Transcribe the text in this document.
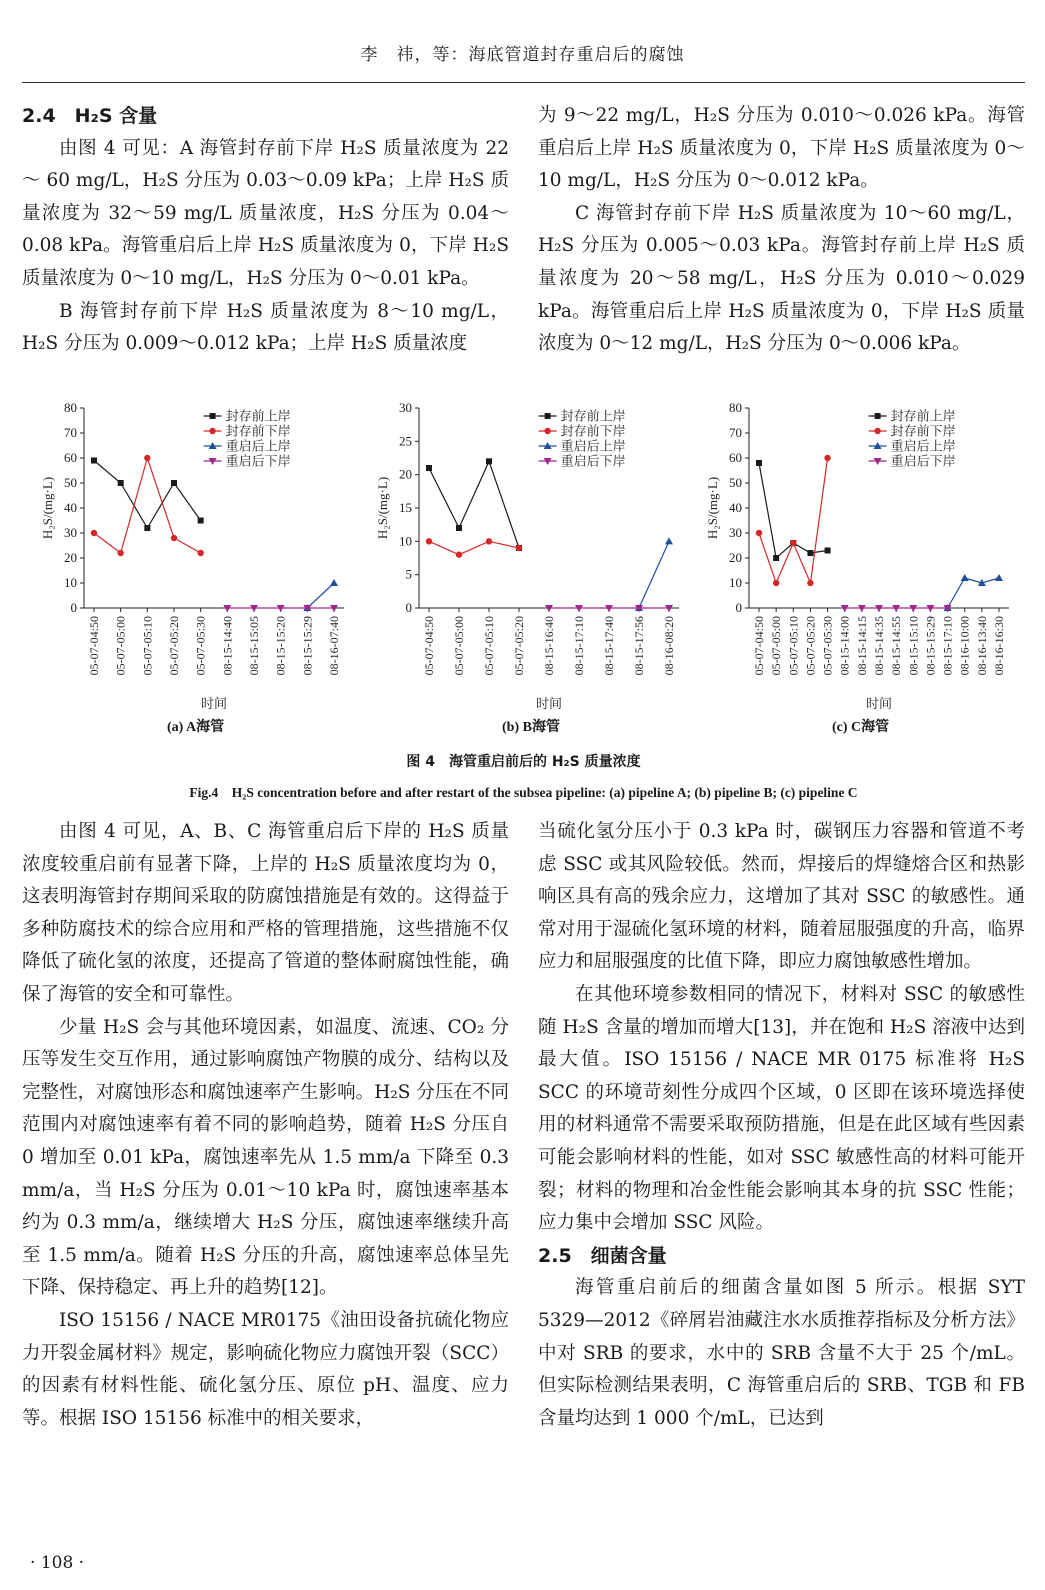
李　祎，等：海底管道封存重启后的腐蚀
2.4　H₂S 含量

由图 4 可见：A 海管封存前下岸 H₂S 质量浓度为 22～ 60 mg/L，H₂S 分压为 0.03～0.09 kPa；上岸 H₂S 质量浓度为 32～59 mg/L 质量浓度，H₂S 分压为 0.04～0.08 kPa。海管重启后上岸 H₂S 质量浓度为 0，下岸 H₂S 质量浓度为 0～10 mg/L，H₂S 分压为 0～0.01 kPa。

B 海管封存前下岸 H₂S 质量浓度为 8～10 mg/L，H₂S 分压为 0.009～0.012 kPa；上岸 H₂S 质量浓度

为 9～22 mg/L，H₂S 分压为 0.010～0.026 kPa。海管重启后上岸 H₂S 质量浓度为 0，下岸 H₂S 质量浓度为 0～10 mg/L，H₂S 分压为 0～0.012 kPa。

C 海管封存前下岸 H₂S 质量浓度为 10～60 mg/L，H₂S 分压为 0.005～0.03 kPa。海管封存前上岸 H₂S 质量浓度为 20～58 mg/L，H₂S 分压为 0.010～0.029 kPa。海管重启后上岸 H₂S 质量浓度为 0，下岸 H₂S 质量浓度为 0～12 mg/L，H₂S 分压为 0～0.006 kPa。

0
10
20
30
40
50
60
70
80
05-07-04:50 05-07-05:00 05-07-05:10 05-07-05:20 05-07-05:30 08-15-14:40 08-15-15:05 08-15-15:20 08-15-15:29 08-16-07:40
时间
H₂S/(mg·L)
封存前上岸
封存前下岸
重启后上岸
重启后下岸
0
5
10
15
20
25
30
05-07-04:50 05-07-05:00 05-07-05:10 05-07-05:20 08-15-16:40 08-15-17:10 08-15-17:40 08-15-17:56 08-16-08:20
时间
H₂S/(mg·L)
封存前上岸
封存前下岸
重启后上岸
重启后下岸
0
10
20
30
40
50
60
70
80
05-07-04:50 05-07-05:00 05-07-05:10 05-07-05:20 05-07-05:30 08-15-14:00 08-15-14:15 08-15-14:35 08-15-14:55 08-15-15:10 08-15-15:29 08-15-17:10 08-16-10:00 08-16-13:40 08-16-16:30
时间
H₂S/(mg·L)
封存前上岸
封存前下岸
重启后上岸
重启后下岸
(a) A海管	(b) B海管	(c) C海管
图 4　海管重启前后的 H₂S 质量浓度
Fig.4　H₂S concentration before and after restart of the subsea pipeline: (a) pipeline A; (b) pipeline B; (c) pipeline C

由图 4 可见，A、B、C 海管重启后下岸的 H₂S 质量浓度较重启前有显著下降，上岸的 H₂S 质量浓度均为 0，这表明海管封存期间采取的防腐蚀措施是有效的。这得益于多种防腐技术的综合应用和严格的管理措施，这些措施不仅降低了硫化氢的浓度，还提高了管道的整体耐腐蚀性能，确保了海管的安全和可靠性。

少量 H₂S 会与其他环境因素，如温度、流速、CO₂ 分压等发生交互作用，通过影响腐蚀产物膜的成分、结构以及完整性，对腐蚀形态和腐蚀速率产生影响。H₂S 分压在不同范围内对腐蚀速率有着不同的影响趋势，随着 H₂S 分压自 0 增加至 0.01 kPa，腐蚀速率先从 1.5 mm/a 下降至 0.3 mm/a，当 H₂S 分压为 0.01～10 kPa 时，腐蚀速率基本约为 0.3 mm/a，继续增大 H₂S 分压，腐蚀速率继续升高至 1.5 mm/a。随着 H₂S 分压的升高，腐蚀速率总体呈先下降、保持稳定、再上升的趋势[12]。

ISO 15156 / NACE MR0175《油田设备抗硫化物应力开裂金属材料》规定，影响硫化物应力腐蚀开裂（SCC）的因素有材料性能、硫化氢分压、原位 pH、温度、应力等。根据 ISO 15156 标准中的相关要求，

当硫化氢分压小于 0.3 kPa 时，碳钢压力容器和管道不考虑 SSC 或其风险较低。然而，焊接后的焊缝熔合区和热影响区具有高的残余应力，这增加了其对 SSC 的敏感性。通常对用于湿硫化氢环境的材料，随着屈服强度的升高，临界应力和屈服强度的比值下降，即应力腐蚀敏感性增加。

在其他环境参数相同的情况下，材料对 SSC 的敏感性随 H₂S 含量的增加而增大[13]，并在饱和 H₂S 溶液中达到最大值。ISO 15156 / NACE MR 0175 标准将 H₂S SCC 的环境苛刻性分成四个区域，0 区即在该环境选择使用的材料通常不需要采取预防措施，但是在此区域有些因素可能会影响材料的性能，如对 SSC 敏感性高的材料可能开裂；材料的物理和冶金性能会影响其本身的抗 SSC 性能；应力集中会增加 SSC 风险。

2.5　细菌含量

海管重启前后的细菌含量如图 5 所示。根据 SYT 5329—2012《碎屑岩油藏注水水质推荐指标及分析方法》中对 SRB 的要求，水中的 SRB 含量不大于 25 个/mL。但实际检测结果表明，C 海管重启后的 SRB、TGB 和 FB 含量均达到 1 000 个/mL，已达到

· 108 ·
